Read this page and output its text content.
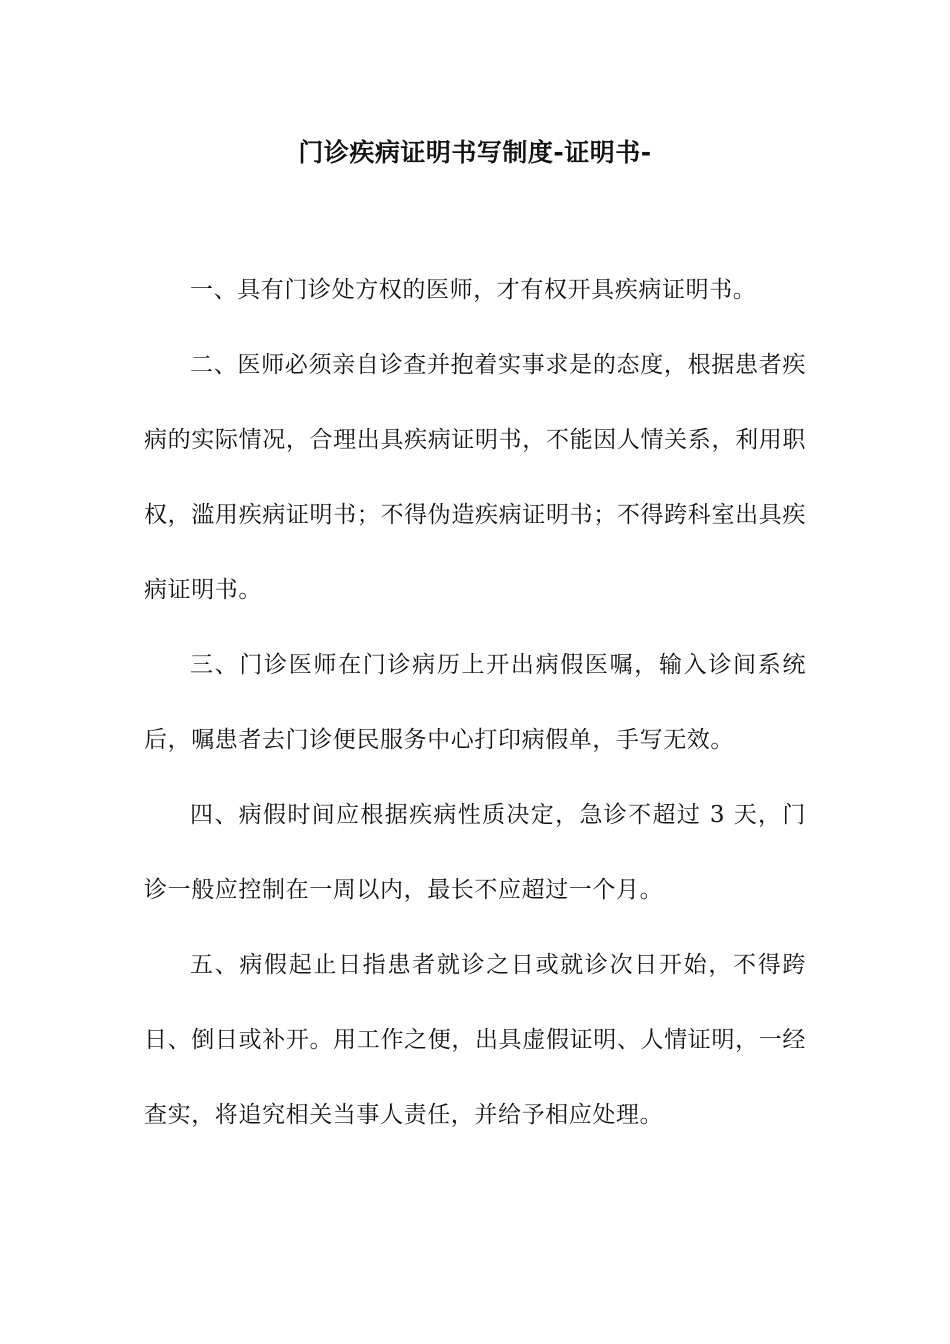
门诊疾病证明书写制度-证明书-

一、具有门诊处方权的医师，才有权开具疾病证明书。

二、医师必须亲自诊查并抱着实事求是的态度，根据患者疾病的实际情况，合理出具疾病证明书，不能因人情关系，利用职权，滥用疾病证明书；不得伪造疾病证明书；不得跨科室出具疾病证明书。

三、门诊医师在门诊病历上开出病假医嘱，输入诊间系统后，嘱患者去门诊便民服务中心打印病假单，手写无效。

四、病假时间应根据疾病性质决定，急诊不超过 3 天，门诊一般应控制在一周以内，最长不应超过一个月。

五、病假起止日指患者就诊之日或就诊次日开始，不得跨日、倒日或补开。用工作之便，出具虚假证明、人情证明，一经查实，将追究相关当事人责任，并给予相应处理。
